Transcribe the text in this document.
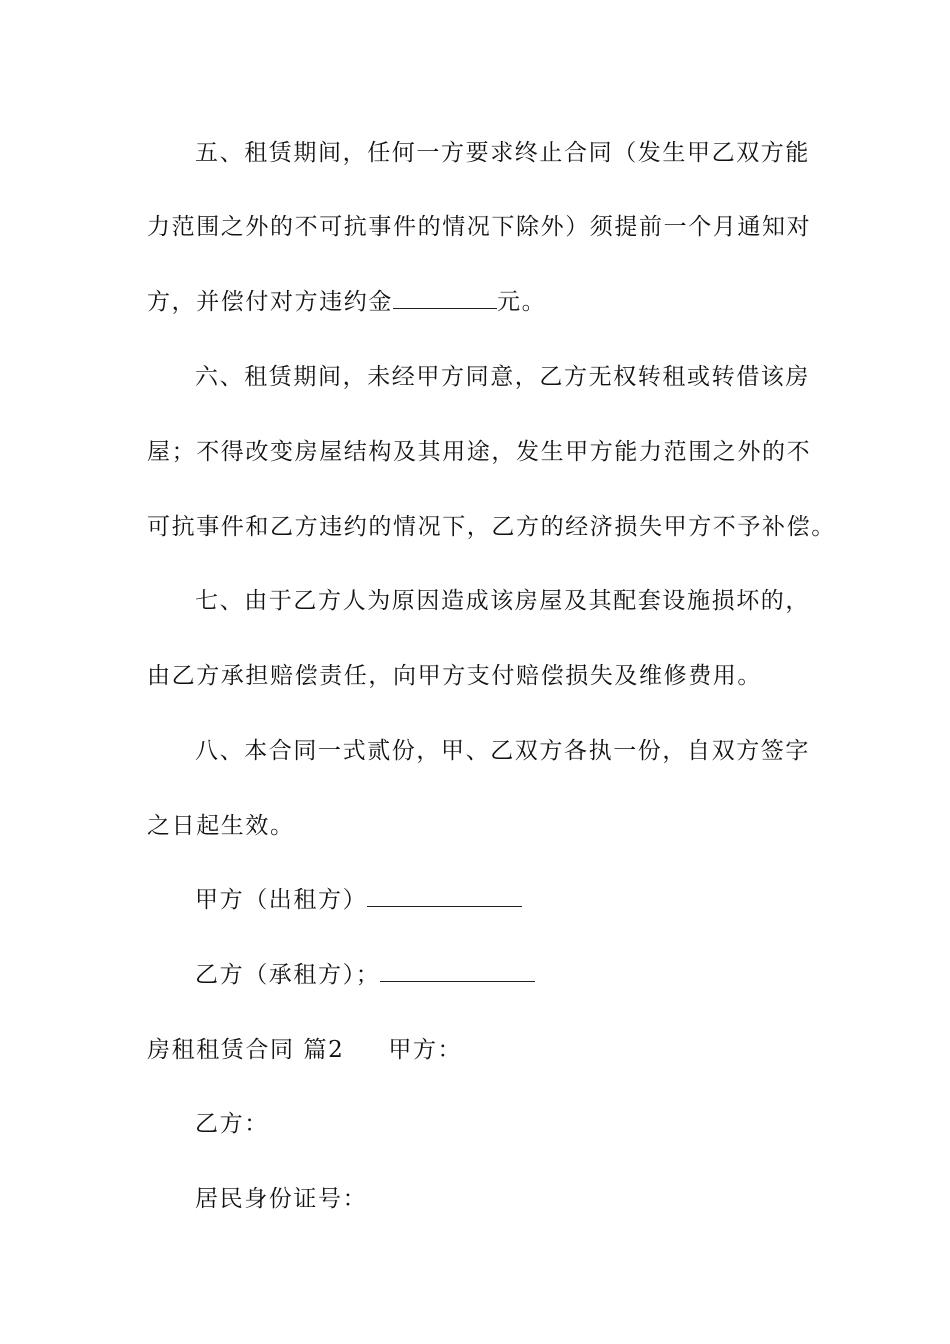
五、租赁期间，任何一方要求终止合同（发生甲乙双方能
力范围之外的不可抗事件的情况下除外）须提前一个月通知对
方，并偿付对方违约金	元。
六、租赁期间，未经甲方同意，乙方无权转租或转借该房
屋；不得改变房屋结构及其用途，发生甲方能力范围之外的不
可抗事件和乙方违约的情况下，乙方的经济损失甲方不予补偿。
七、由于乙方人为原因造成该房屋及其配套设施损坏的，
由乙方承担赔偿责任，向甲方支付赔偿损失及维修费用。
八、本合同一式贰份，甲、乙双方各执一份，自双方签字
之日起生效。
甲方（出租方）
乙方（承租方）；
房租租赁合同 篇2 甲方：
乙方：
居民身份证号：
